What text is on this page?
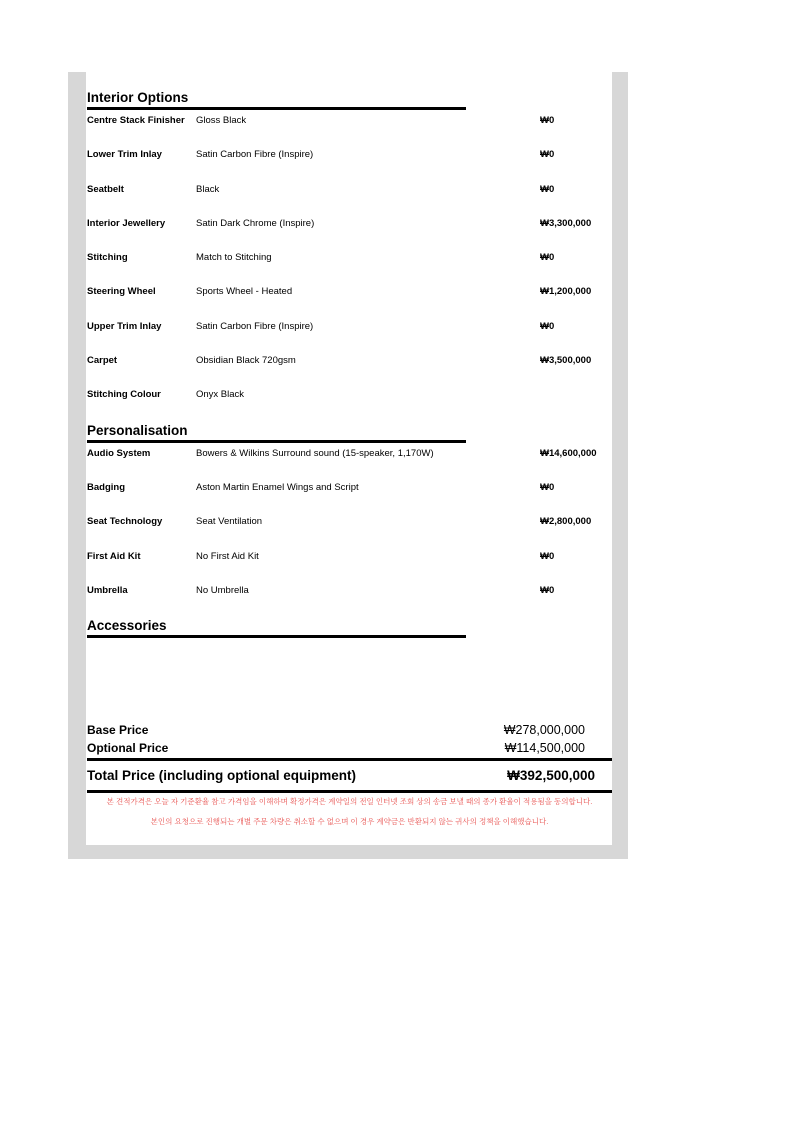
Interior Options
Centre Stack Finisher	Gloss Black	₩0
Lower Trim Inlay	Satin Carbon Fibre (Inspire)	₩0
Seatbelt	Black	₩0
Interior Jewellery	Satin Dark Chrome (Inspire)	₩3,300,000
Stitching	Match to Stitching	₩0
Steering Wheel	Sports Wheel - Heated	₩1,200,000
Upper Trim Inlay	Satin Carbon Fibre (Inspire)	₩0
Carpet	Obsidian Black 720gsm	₩3,500,000
Stitching Colour	Onyx Black
Personalisation
Audio System	Bowers & Wilkins Surround sound (15-speaker, 1,170W)	₩14,600,000
Badging	Aston Martin Enamel Wings and Script	₩0
Seat Technology	Seat Ventilation	₩2,800,000
First Aid Kit	No First Aid Kit	₩0
Umbrella	No Umbrella	₩0
Accessories
Base Price	₩278,000,000
Optional Price	₩114,500,000
Total Price (including optional equipment)	₩392,500,000
본 견적가격은 오늘 자 기준환율 참고 가격임을 이해하며 확정가격은 계약일의 전일 인터넷 조회 상의 송금 보낼 때의 종가 환율이 적용됨을 동의합니다.
본인의 요청으로 진행되는 개별 주문 차량은 취소할 수 없으며 이 경우 계약금은 반환되지 않는 귀사의 정책을 이해했습니다.
